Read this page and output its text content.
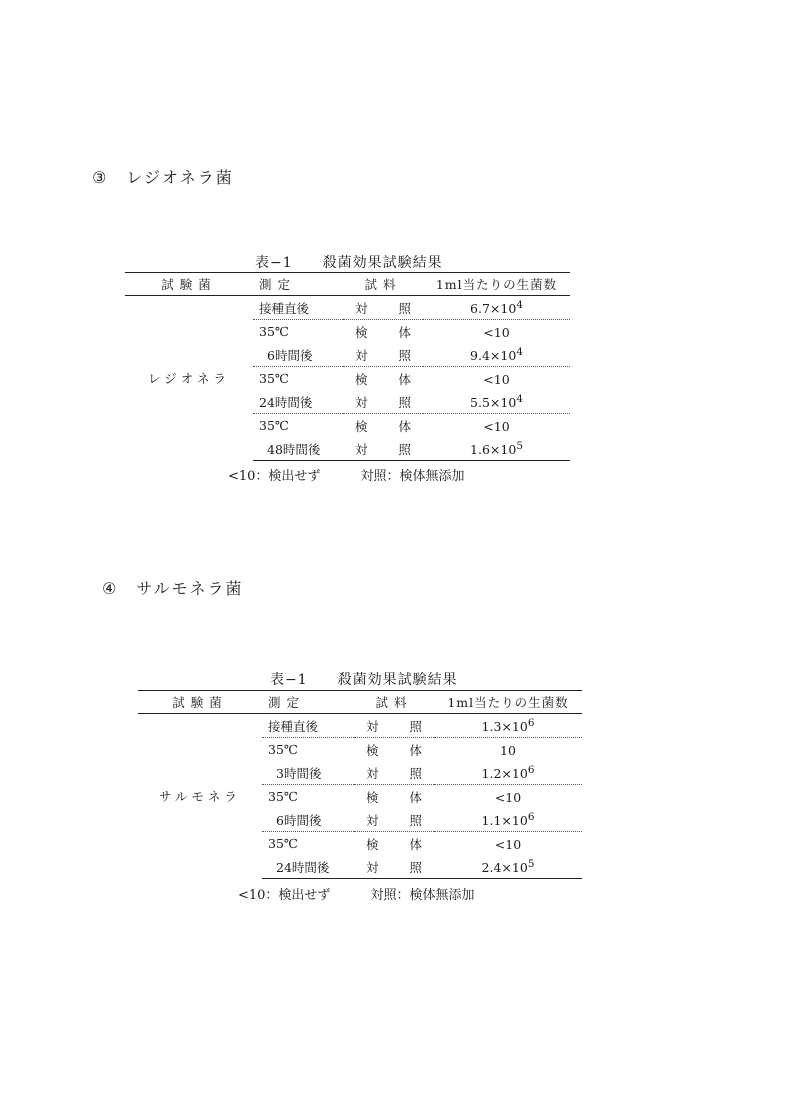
③　レジオネラ菌
表−1　　殺菌効果試験結果
試験菌	測定	試料	1ml当たりの生菌数
レジオネラ	接種直後	対 照	$6.7\times 10^4$
	35℃	検 体	<10
	6時間後	対 照	$9.4\times 10^4$
	35℃	検 体	<10
	24時間後	対 照	$5.5\times 10^4$
	35℃	検 体	<10
	48時間後	対 照	$1.6\times 10^5$
<10：検出せず	対照：検体無添加
④　サルモネラ菌
表−1　　殺菌効果試験結果
試験菌	測定	試料	1ml当たりの生菌数
サルモネラ	接種直後	対 照	$1.3\times 10^6$
	35℃	検 体	10
	3時間後	対 照	$1.2\times 10^6$
	35℃	検 体	<10
	6時間後	対 照	$1.1\times 10^6$
	35℃	検 体	<10
	24時間後	対 照	$2.4\times 10^5$
<10：検出せず	対照：検体無添加
